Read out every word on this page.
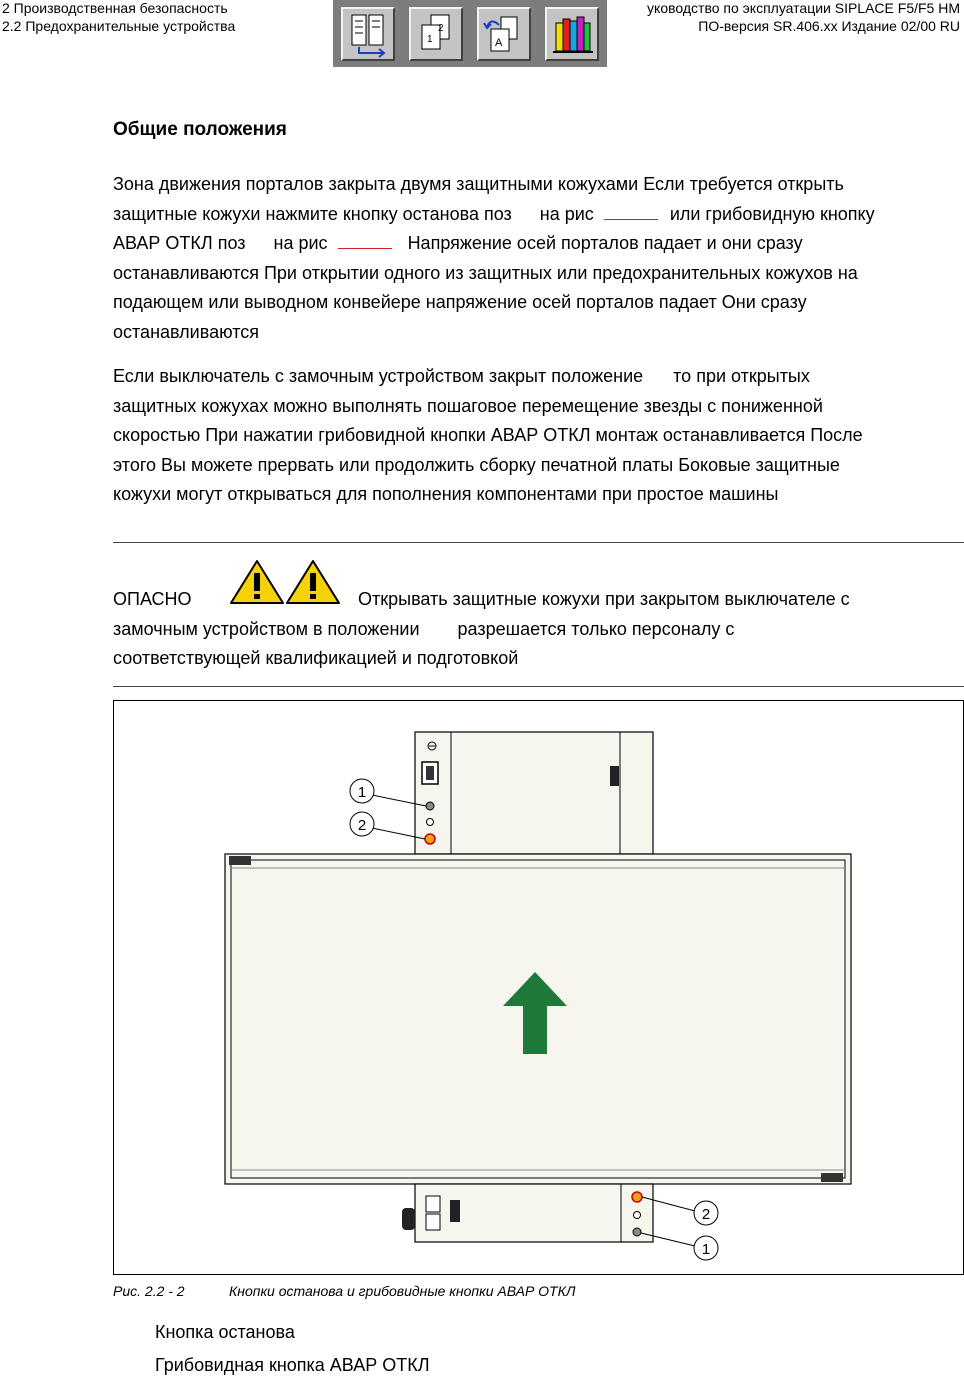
2 Производственная безопасность
2.2 Предохранительные устройства
уководство по эксплуатации SIPLACE F5/F5 HM
ПО-версия SR.406.xx Издание 02/00 RU
2
1	A
Общие положения
Зона движения порталов закрыта двумя защитными кожухами Если требуется открыть
защитные кожухи нажмите кнопку останова поз на рис	или грибовидную кнопку
АВАР ОТКЛ поз на рис	Напряжение осей порталов падает и они сразу
останавливаются При открытии одного из защитных или предохранительных кожухов на
подающем или выводном конвейере напряжение осей порталов падает Они сразу
останавливаются
Если выключатель с замочным устройством закрыт положение то при открытых
защитных кожухах можно выполнять пошаговое перемещение звезды с пониженной
скоростью При нажатии грибовидной кнопки АВАР ОТКЛ монтаж останавливается После
этого Вы можете прервать или продолжить сборку печатной платы Боковые защитные
кожухи могут открываться для пополнения компонентами при простое машины
ОПАСНО	Открывать защитные кожухи при закрытом выключателе с
замочным устройством в положении разрешается только персоналу с
соответствующей квалификацией и подготовкой
1
2
2
1
Рис. 2.2 - 2	Кнопки останова и грибовидные кнопки АВАР ОТКЛ
Кнопка останова
Грибовидная кнопка АВАР ОТКЛ
